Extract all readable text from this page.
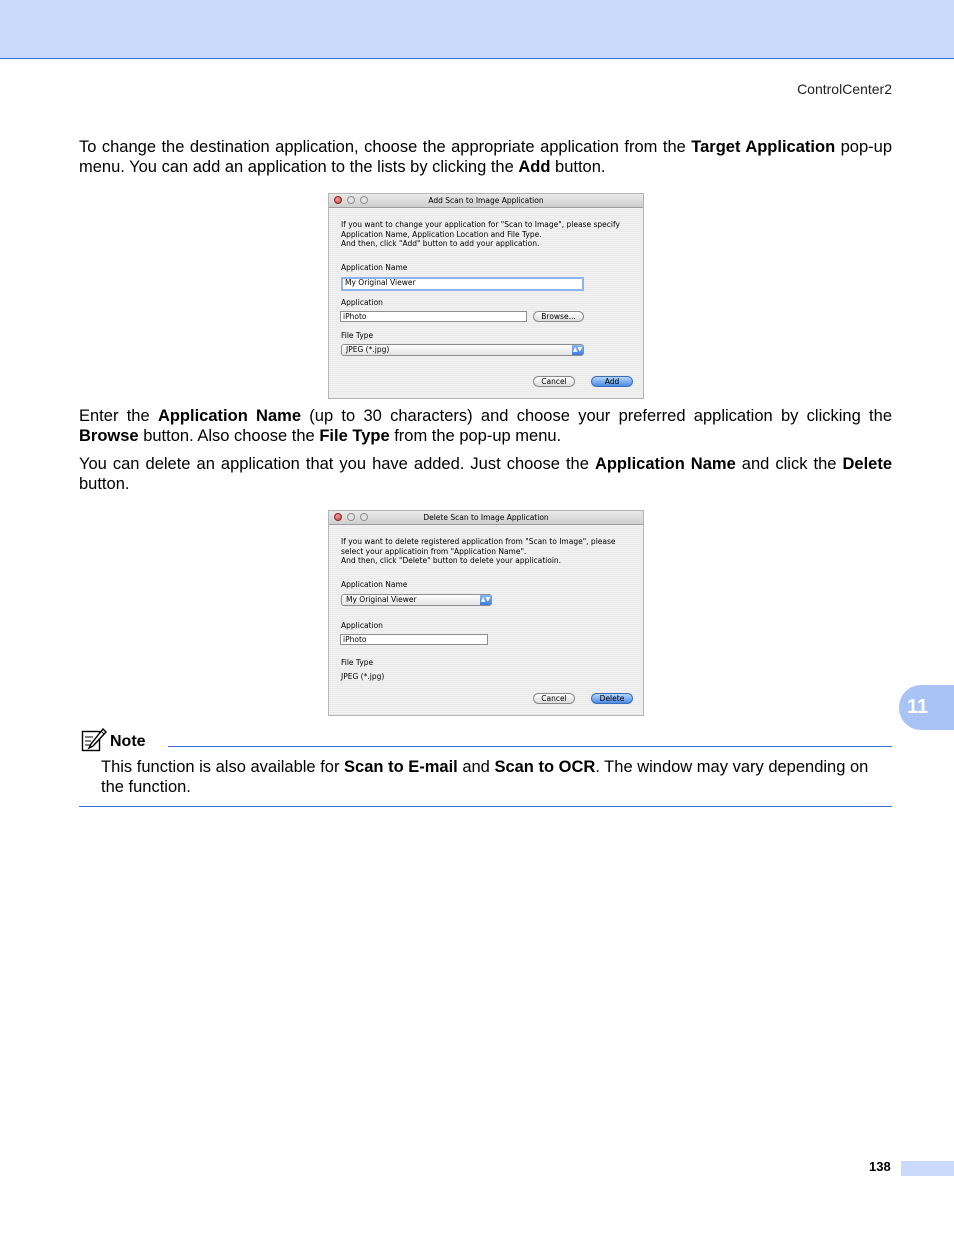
ControlCenter2

To change the destination application, choose the appropriate application from the Target Application pop-up menu. You can add an application to the lists by clicking the Add button.

Add Scan to Image Application
If you want to change your application for "Scan to Image", please specify
Application Name, Application Location and File Type.
And then, click "Add" button to add your application.
Application Name
My Original Viewer
Application
iPhoto	Browse...
File Type
JPEG (*.jpg)	▲▼
Cancel	Add

Enter the Application Name (up to 30 characters) and choose your preferred application by clicking the Browse button. Also choose the File Type from the pop-up menu.

You can delete an application that you have added. Just choose the Application Name and click the Delete button.

Delete Scan to Image Application
If you want to delete registered application from "Scan to Image", please
select your applicatioin from "Application Name".
And then, click "Delete" button to delete your applicatioin.
Application Name
My Original Viewer	▲▼
Application
iPhoto
File Type
JPEG (*.jpg)
Cancel	Delete
Note

This function is also available for Scan to E-mail and Scan to OCR. The window may vary depending on the function.

11
138
